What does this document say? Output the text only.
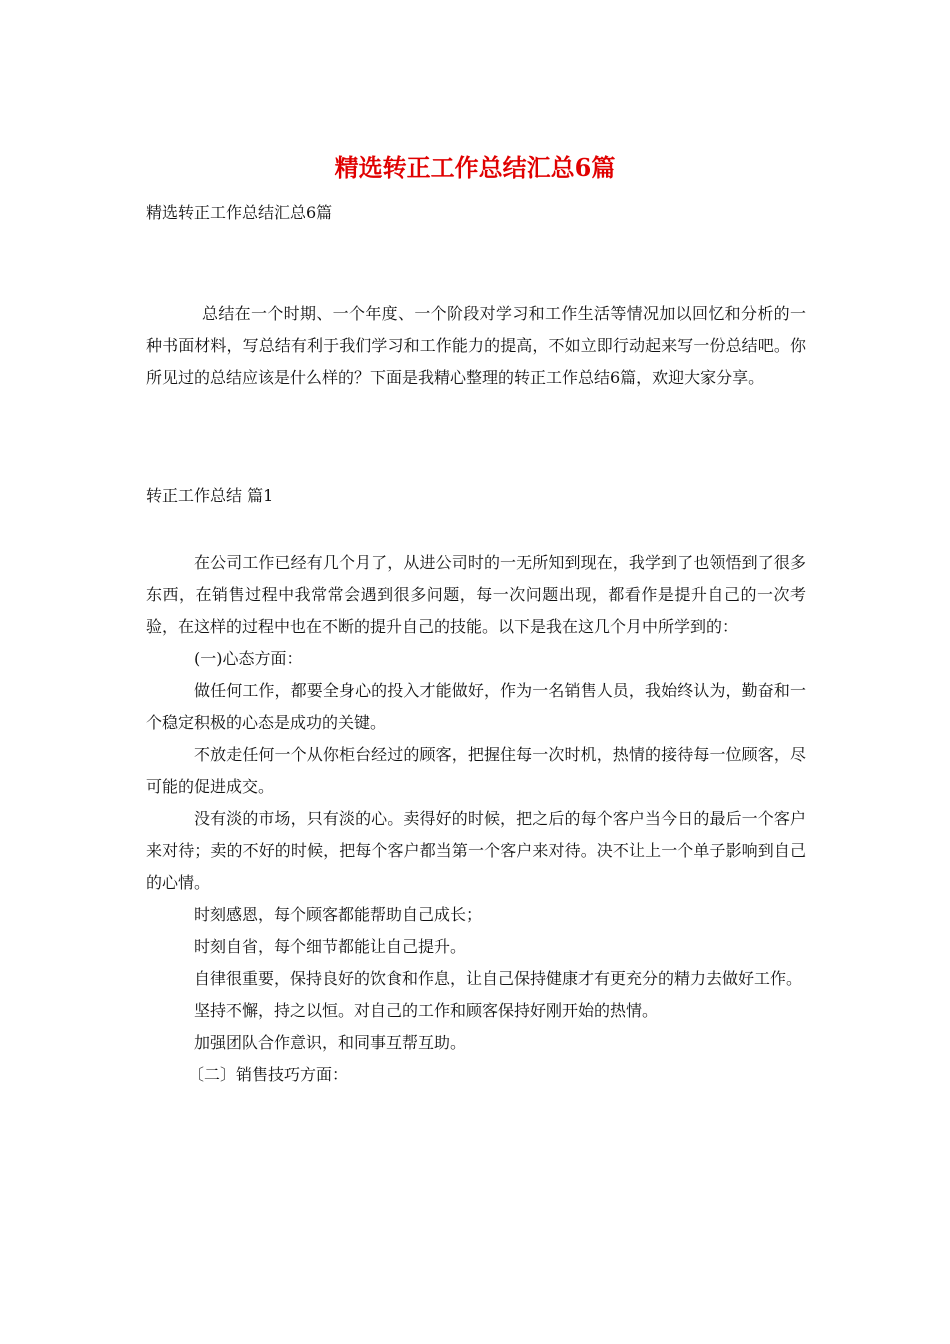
精选转正工作总结汇总6篇
精选转正工作总结汇总6篇

总结在一个时期、一个年度、一个阶段对学习和工作生活等情况加以回忆和分析的一种书面材料，写总结有利于我们学习和工作能力的提高，不如立即行动起来写一份总结吧。你所见过的总结应该是什么样的？下面是我精心整理的转正工作总结6篇，欢迎大家分享。

转正工作总结 篇1

在公司工作已经有几个月了，从进公司时的一无所知到现在，我学到了也领悟到了很多东西，在销售过程中我常常会遇到很多问题，每一次问题出现，都看作是提升自己的一次考验，在这样的过程中也在不断的提升自己的技能。以下是我在这几个月中所学到的：

(一)心态方面：

做任何工作，都要全身心的投入才能做好，作为一名销售人员，我始终认为，勤奋和一个稳定积极的心态是成功的关键。

不放走任何一个从你柜台经过的顾客，把握住每一次时机，热情的接待每一位顾客，尽可能的促进成交。

没有淡的市场，只有淡的心。卖得好的时候，把之后的每个客户当今日的最后一个客户来对待；卖的不好的时候，把每个客户都当第一个客户来对待。决不让上一个单子影响到自己的心情。

时刻感恩，每个顾客都能帮助自己成长；

时刻自省，每个细节都能让自己提升。

自律很重要，保持良好的饮食和作息，让自己保持健康才有更充分的精力去做好工作。

坚持不懈，持之以恒。对自己的工作和顾客保持好刚开始的热情。

加强团队合作意识，和同事互帮互助。

〔二〕销售技巧方面：
